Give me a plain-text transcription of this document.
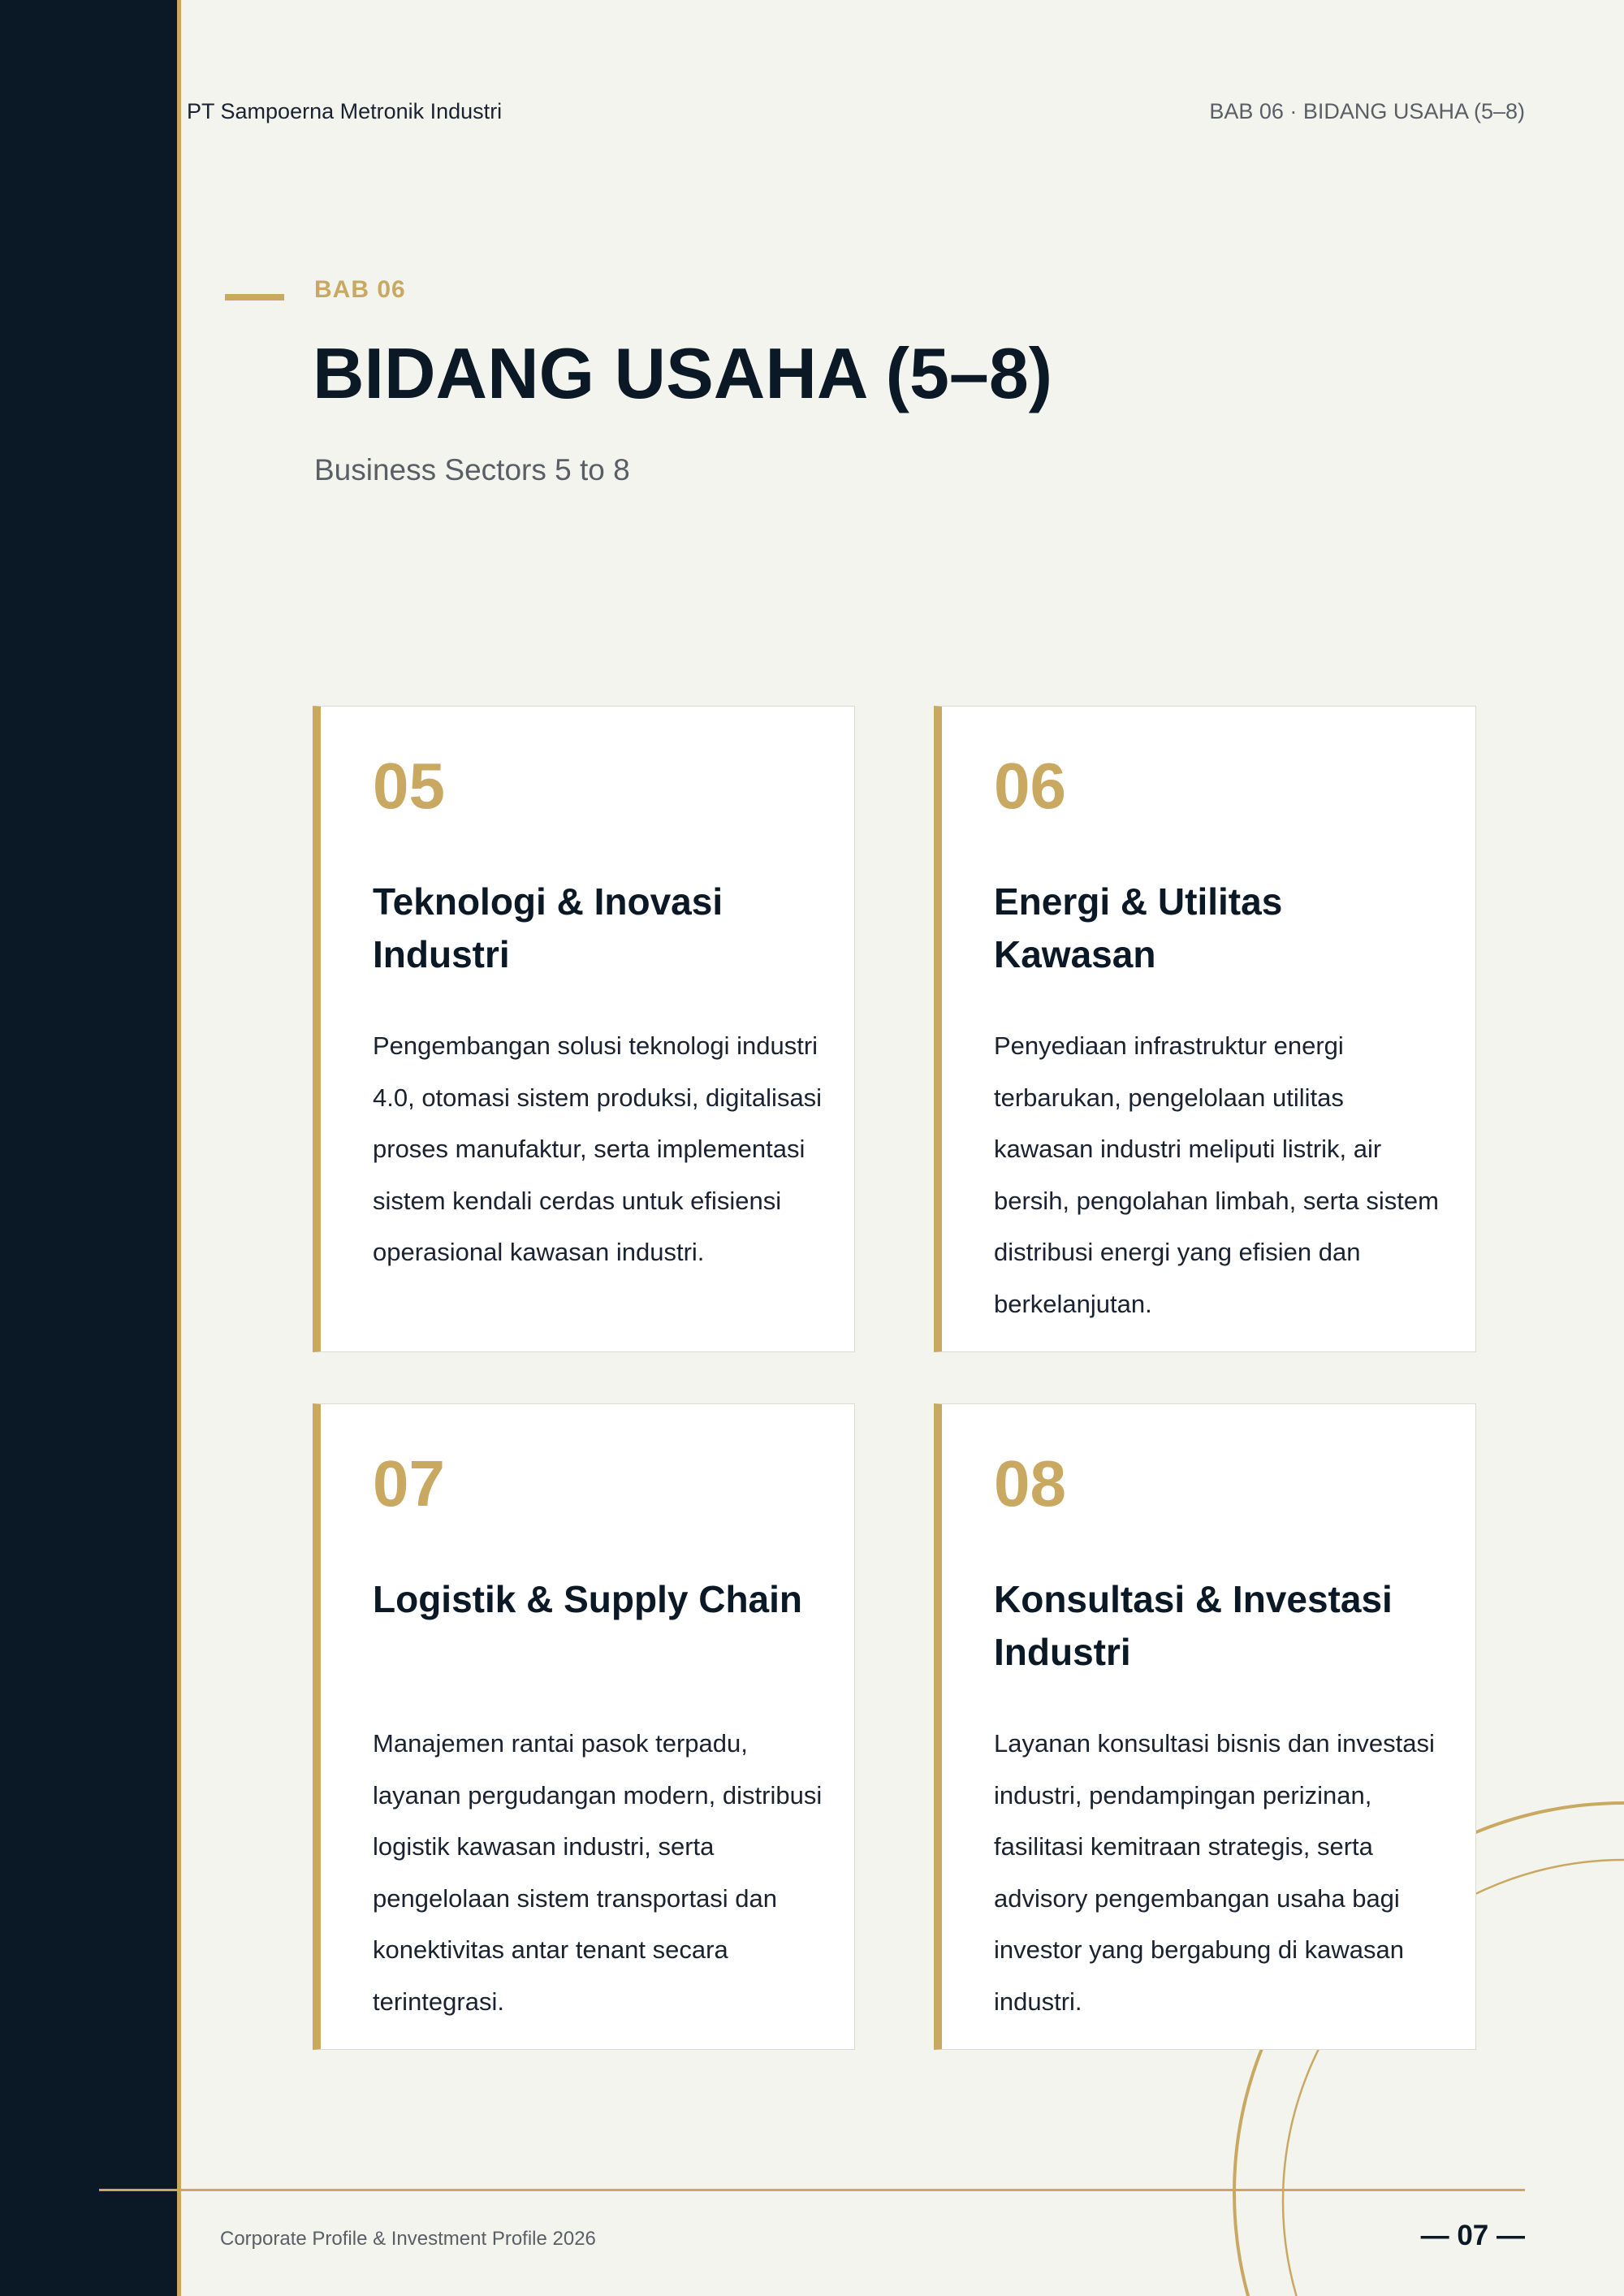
PT Sampoerna Metronik Industri	BAB 06 · BIDANG USAHA (5–8)
BAB 06
BIDANG USAHA (5–8)
Business Sectors 5 to 8
05
Teknologi & Inovasi Industri

Pengembangan solusi teknologi industri 4.0, otomasi sistem produksi, digitalisasi proses manufaktur, serta implementasi sistem kendali cerdas untuk efisiensi operasional kawasan industri.

06
Energi & Utilitas Kawasan

Penyediaan infrastruktur energi terbarukan, pengelolaan utilitas kawasan industri meliputi listrik, air bersih, pengolahan limbah, serta sistem distribusi energi yang efisien dan berkelanjutan.

07
Logistik & Supply Chain

Manajemen rantai pasok terpadu, layanan pergudangan modern, distribusi logistik kawasan industri, serta pengelolaan sistem transportasi dan konektivitas antar tenant secara terintegrasi.

08
Konsultasi & Investasi Industri

Layanan konsultasi bisnis dan investasi industri, pendampingan perizinan, fasilitasi kemitraan strategis, serta advisory pengembangan usaha bagi investor yang bergabung di kawasan industri.

Corporate Profile & Investment Profile 2026	— 07 —
